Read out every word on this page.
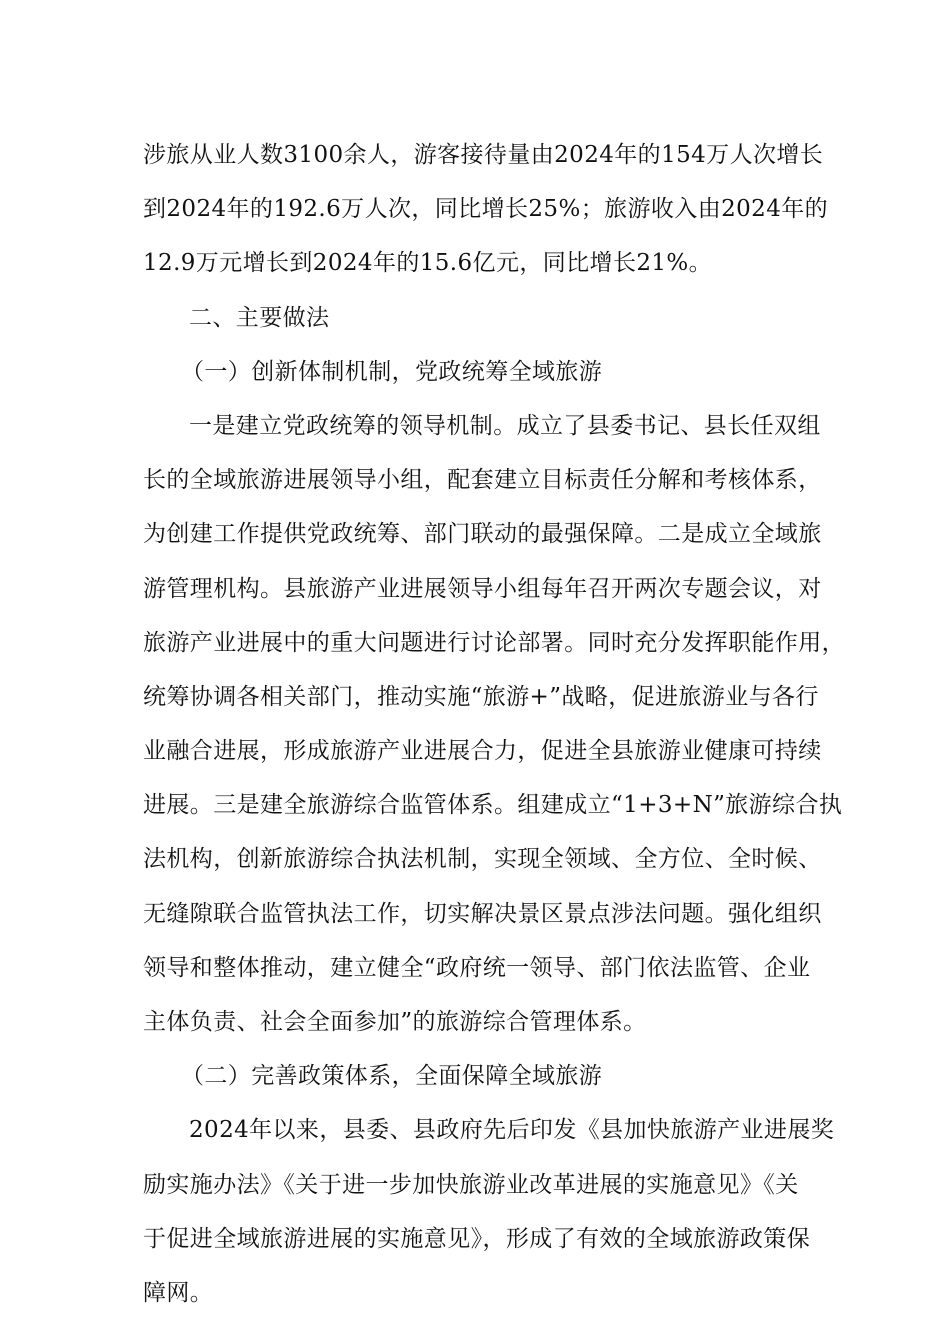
涉旅从业人数3100余人，游客接待量由2024年的154万人次增长
到2024年的192.6万人次，同比增长25%；旅游收入由2024年的
12.9万元增长到2024年的15.6亿元，同比增长21%。
二、主要做法
（一）创新体制机制，党政统筹全域旅游
一是建立党政统筹的领导机制。成立了县委书记、县长任双组
长的全域旅游进展领导小组，配套建立目标责任分解和考核体系，
为创建工作提供党政统筹、部门联动的最强保障。二是成立全域旅
游管理机构。县旅游产业进展领导小组每年召开两次专题会议，对
旅游产业进展中的重大问题进行讨论部署。同时充分发挥职能作用，
统筹协调各相关部门，推动实施“旅游+”战略，促进旅游业与各行
业融合进展，形成旅游产业进展合力，促进全县旅游业健康可持续
进展。三是建全旅游综合监管体系。组建成立“1+3+N”旅游综合执
法机构，创新旅游综合执法机制，实现全领域、全方位、全时候、
无缝隙联合监管执法工作，切实解决景区景点涉法问题。强化组织
领导和整体推动，建立健全“政府统一领导、部门依法监管、企业
主体负责、社会全面参加”的旅游综合管理体系。
（二）完善政策体系，全面保障全域旅游
2024年以来，县委、县政府先后印发《县加快旅游产业进展奖
励实施办法》《关于进一步加快旅游业改革进展的实施意见》《关
于促进全域旅游进展的实施意见》，形成了有效的全域旅游政策保
障网。
